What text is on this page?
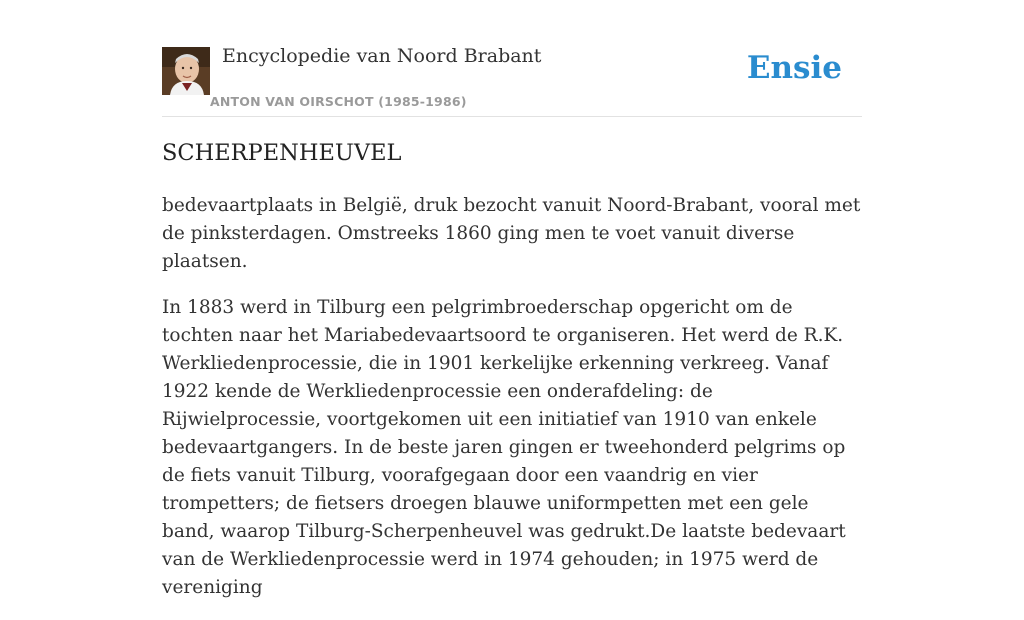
Encyclopedie van Noord Brabant
ANTON VAN OIRSCHOT (1985-1986)
Ensie
SCHERPENHEUVEL

bedevaartplaats in België, druk bezocht vanuit Noord-Brabant, vooral met de pinksterdagen. Omstreeks 1860 ging men te voet vanuit diverse plaatsen.

In 1883 werd in Tilburg een pelgrimbroederschap opgericht om de tochten naar het Mariabedevaartsoord te organiseren. Het werd de R.K. Werkliedenprocessie, die in 1901 kerkelijke erkenning verkreeg. Vanaf 1922 kende de Werkliedenprocessie een onderafdeling: de Rijwielprocessie, voortgekomen uit een initiatief van 1910 van enkele bedevaartgangers. In de beste jaren gingen er tweehonderd pelgrims op de fiets vanuit Tilburg, voorafgegaan door een vaandrig en vier trompetters; de fietsers droegen blauwe uniformpetten met een gele band, waarop Tilburg-Scherpenheuvel was gedrukt.De laatste bedevaart van de Werkliedenprocessie werd in 1974 gehouden; in 1975 werd de vereniging
